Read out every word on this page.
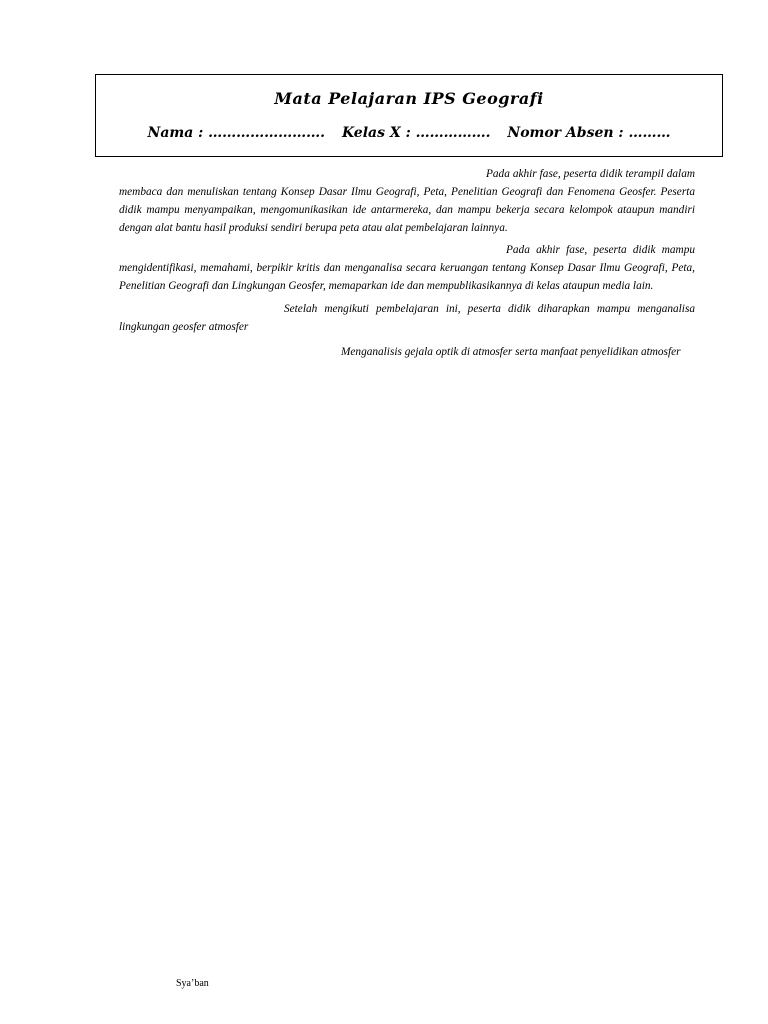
Mata Pelajaran IPS Geografi
Nama : ……………………. Kelas X : ……………. Nomor Absen : ………
Pada akhir fase, peserta didik terampil dalam membaca dan menuliskan tentang Konsep Dasar Ilmu Geografi, Peta, Penelitian Geografi dan Fenomena Geosfer. Peserta didik mampu menyampaikan, mengomunikasikan ide antarmereka, dan mampu bekerja secara kelompok ataupun mandiri dengan alat bantu hasil produksi sendiri berupa peta atau alat pembelajaran lainnya.
Pada akhir fase, peserta didik mampu mengidentifikasi, memahami, berpikir kritis dan menganalisa secara keruangan tentang Konsep Dasar Ilmu Geografi, Peta, Penelitian Geografi dan Lingkungan Geosfer, memaparkan ide dan mempublikasikannya di kelas ataupun media lain.
Setelah mengikuti pembelajaran ini, peserta didik diharapkan mampu menganalisa lingkungan geosfer atmosfer
Menganalisis gejala optik di atmosfer serta manfaat penyelidikan atmosfer
Sya’ban
